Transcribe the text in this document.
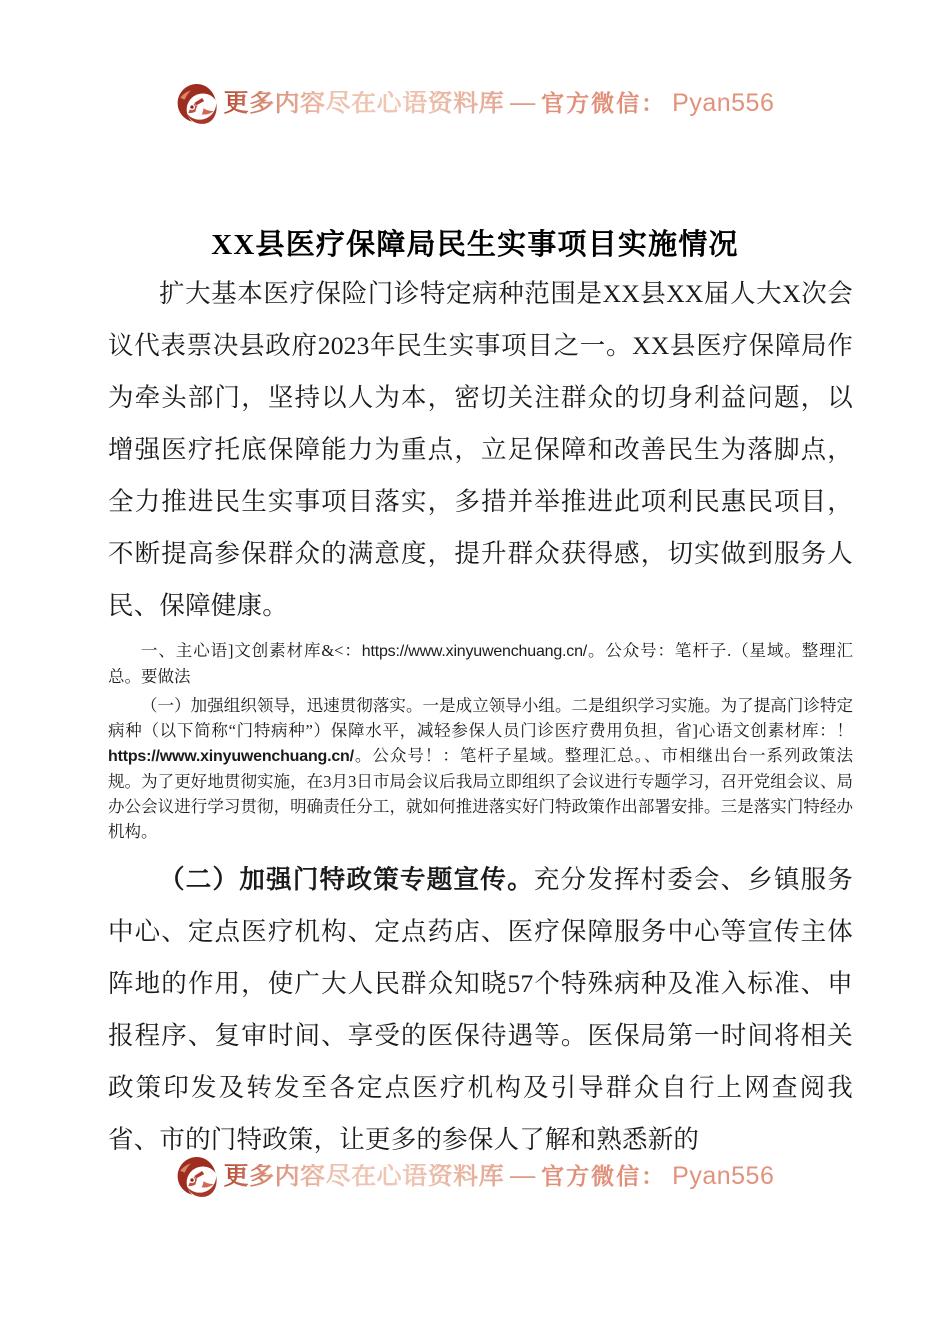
更多内容尽在心语资料库 — 官方微信： Pyan556
XX县医疗保障局民生实事项目实施情况

扩大基本医疗保险门诊特定病种范围是XX县XX届人大X次会议代表票决县政府2023年民生实事项目之一。XX县医疗保障局作为牵头部门，坚持以人为本，密切关注群众的切身利益问题，以增强医疗托底保障能力为重点，立足保障和改善民生为落脚点，全力推进民生实事项目落实，多措并举推进此项利民惠民项目，不断提高参保群众的满意度，提升群众获得感，切实做到服务人民、保障健康。

一、主心语]文创素材库&<：https://www.xinyuwenchuang.cn/。公众号：笔杆子.（星域。整理汇总。要做法

（一）加强组织领导，迅速贯彻落实。一是成立领导小组。二是组织学习实施。为了提高门诊特定病种（以下简称“门特病种”）保障水平，减轻参保人员门诊医疗费用负担，省]心语文创素材库：！https://www.xinyuwenchuang.cn/。公众号！：笔杆子星域。整理汇总。、市相继出台一系列政策法规。为了更好地贯彻实施，在3月3日市局会议后我局立即组织了会议进行专题学习，召开党组会议、局办公会议进行学习贯彻，明确责任分工，就如何推进落实好门特政策作出部署安排。三是落实门特经办机构。

（二）加强门特政策专题宣传。充分发挥村委会、乡镇服务中心、定点医疗机构、定点药店、医疗保障服务中心等宣传主体阵地的作用，使广大人民群众知晓57个特殊病种及准入标准、申报程序、复审时间、享受的医保待遇等。医保局第一时间将相关政策印发及转发至各定点医疗机构及引导群众自行上网查阅我省、市的门特政策，让更多的参保人了解和熟悉新的

更多内容尽在心语资料库 — 官方微信： Pyan556
